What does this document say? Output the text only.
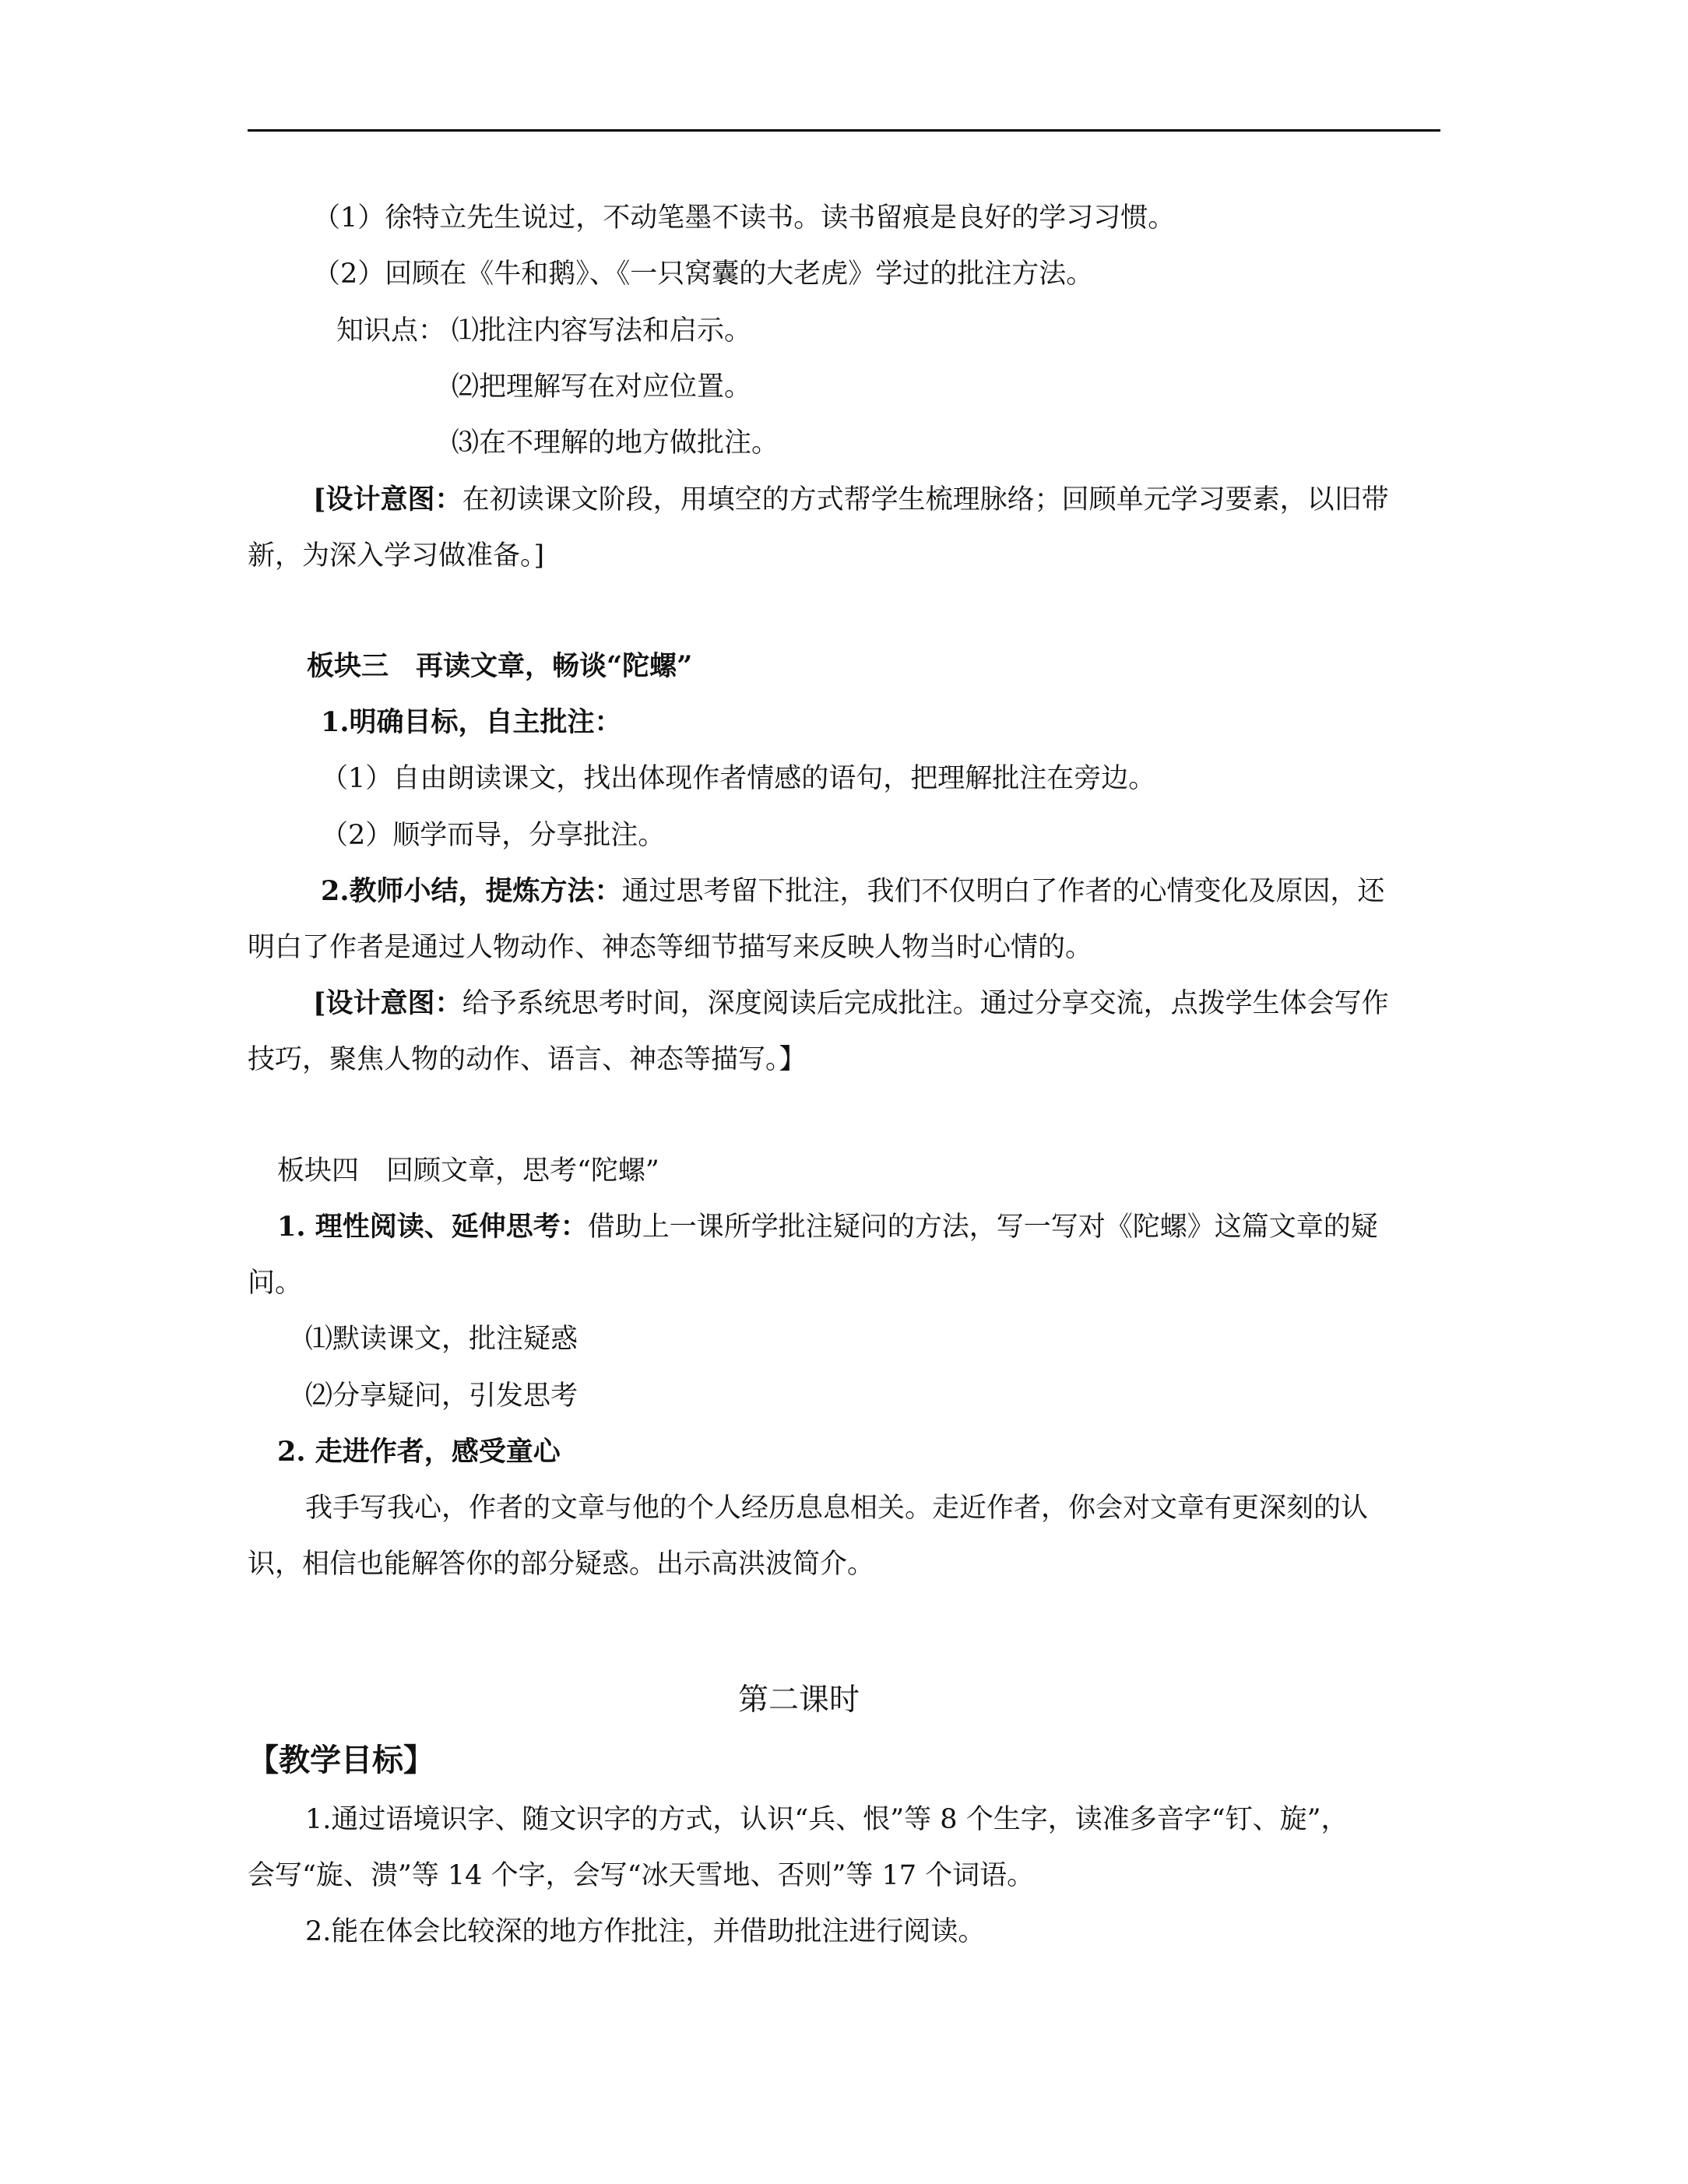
（1）徐特立先生说过，不动笔墨不读书。读书留痕是良好的学习习惯。
（2）回顾在《牛和鹅》、《一只窝囊的大老虎》学过的批注方法。
知识点： ⑴批注内容写法和启示。
⑵把理解写在对应位置。
⑶在不理解的地方做批注。
[设计意图：在初读课文阶段，用填空的方式帮学生梳理脉络；回顾单元学习要素，以旧带
新，为深入学习做准备。]
板块三　再读文章，畅谈“陀螺”
1.明确目标，自主批注：
（1）自由朗读课文，找出体现作者情感的语句，把理解批注在旁边。
（2）顺学而导，分享批注。
2.教师小结，提炼方法：通过思考留下批注，我们不仅明白了作者的心情变化及原因，还
明白了作者是通过人物动作、神态等细节描写来反映人物当时心情的。
[设计意图：给予系统思考时间，深度阅读后完成批注。通过分享交流，点拨学生体会写作
技巧，聚焦人物的动作、语言、神态等描写。】
板块四　回顾文章，思考“陀螺”
1. 理性阅读、延伸思考：借助上一课所学批注疑问的方法，写一写对《陀螺》这篇文章的疑
问。
⑴默读课文，批注疑惑
⑵分享疑问，引发思考
2. 走进作者，感受童心
我手写我心，作者的文章与他的个人经历息息相关。走近作者，你会对文章有更深刻的认
识，相信也能解答你的部分疑惑。出示高洪波简介。
第二课时
【教学目标】
1.通过语境识字、随文识字的方式，认识“兵、恨”等 8 个生字，读准多音字“钉、旋”，
会写“旋、溃”等 14 个字，会写“冰天雪地、否则”等 17 个词语。
2.能在体会比较深的地方作批注，并借助批注进行阅读。
